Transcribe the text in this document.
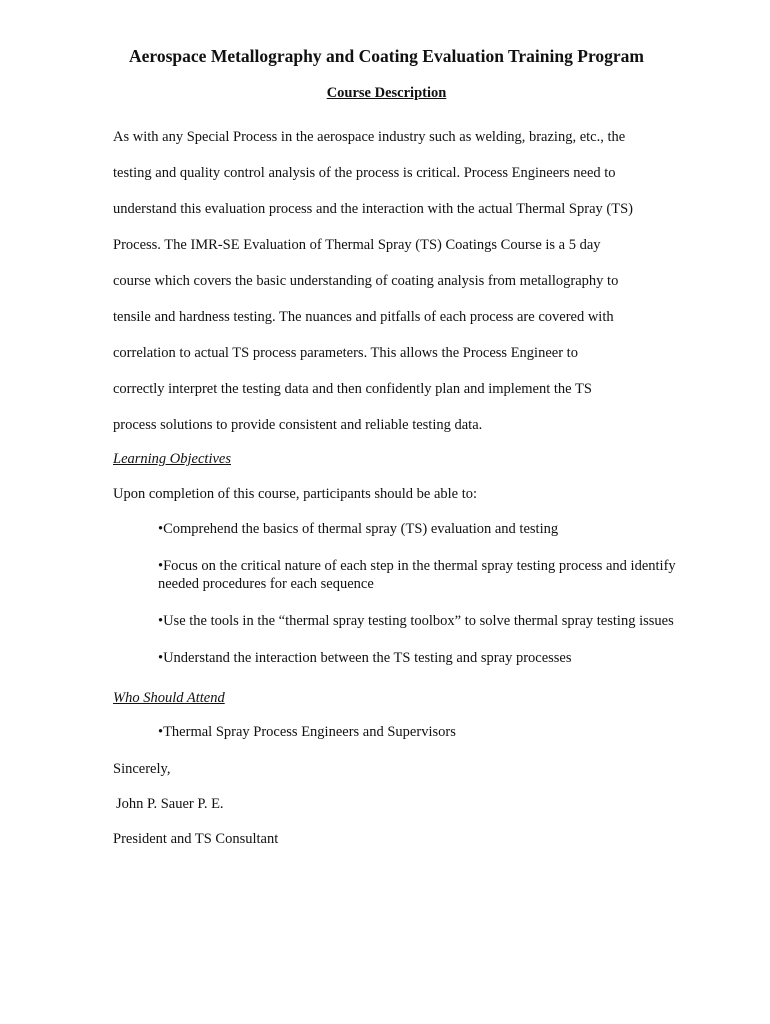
Aerospace Metallography and Coating Evaluation Training Program
Course Description

As with any Special Process in the aerospace industry such as welding, brazing, etc., the

testing and quality control analysis of the process is critical. Process Engineers need to

understand this evaluation process and the interaction with the actual Thermal Spray (TS)

Process. The IMR-SE Evaluation of Thermal Spray (TS) Coatings Course is a 5 day

course which covers the basic understanding of coating analysis from metallography to

tensile and hardness testing. The nuances and pitfalls of each process are covered with

correlation to actual TS process parameters. This allows the Process Engineer to

correctly interpret the testing data and then confidently plan and implement the TS

process solutions to provide consistent and reliable testing data.

Learning Objectives

Upon completion of this course, participants should be able to:

•Comprehend the basics of thermal spray (TS) evaluation and testing
•Focus on the critical nature of each step in the thermal spray testing process and identify needed procedures for each sequence
•Use the tools in the “thermal spray testing toolbox” to solve thermal spray testing issues
•Understand the interaction between the TS testing and spray processes
Who Should Attend
•Thermal Spray Process Engineers and Supervisors

Sincerely,

John P. Sauer P. E.

President and TS Consultant
